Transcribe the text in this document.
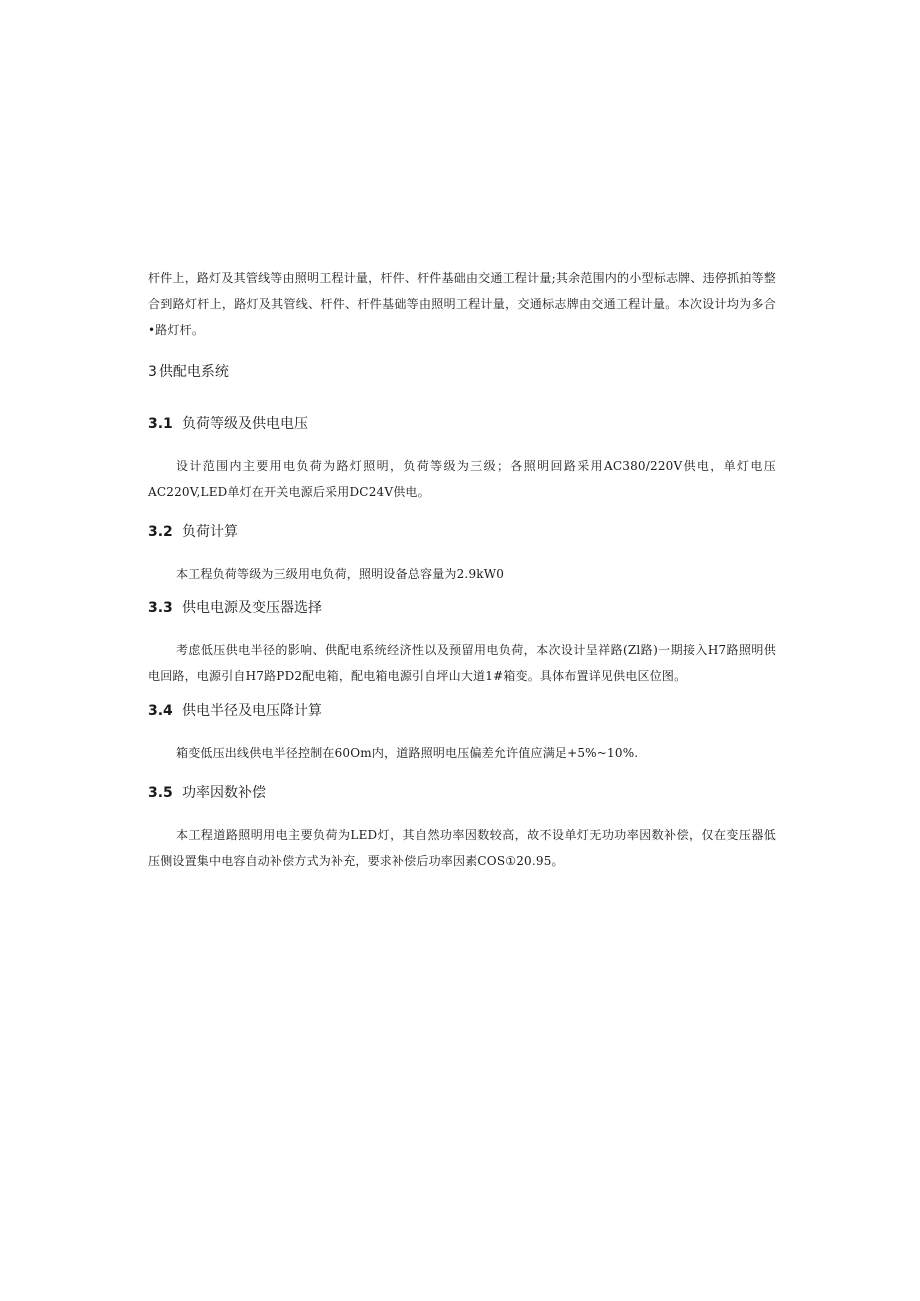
杆件上，路灯及其管线等由照明工程计量，杆件、杆件基础由交通工程计量;其余范围内的小型标志牌、违停抓拍等整合到路灯杆上，路灯及其管线、杆件、杆件基础等由照明工程计量，交通标志牌由交通工程计量。本次设计均为多合•路灯杆。

3 供配电系统

3.1 负荷等级及供电电压

设计范围内主要用电负荷为路灯照明，负荷等级为三级；各照明回路采用AC380/220V供电，单灯电压AC220V,LED单灯在开关电源后采用DC24V供电。

3.2 负荷计算

本工程负荷等级为三级用电负荷，照明设备总容量为2.9kW0

3.3 供电电源及变压器选择

考虑低压供电半径的影响、供配电系统经济性以及预留用电负荷，本次设计呈祥路(Zl路)一期接入H7路照明供电回路，电源引自H7路PD2配电箱，配电箱电源引自坪山大道1#箱变。具体布置详见供电区位图。

3.4 供电半径及电压降计算

箱变低压出线供电半径控制在60Om内，道路照明电压偏差允许值应满足+5%~10%.

3.5 功率因数补偿

本工程道路照明用电主要负荷为LED灯，其自然功率因数较高，故不设单灯无功功率因数补偿，仅在变压器低压侧设置集中电容自动补偿方式为补充，要求补偿后功率因素COS①20.95。
